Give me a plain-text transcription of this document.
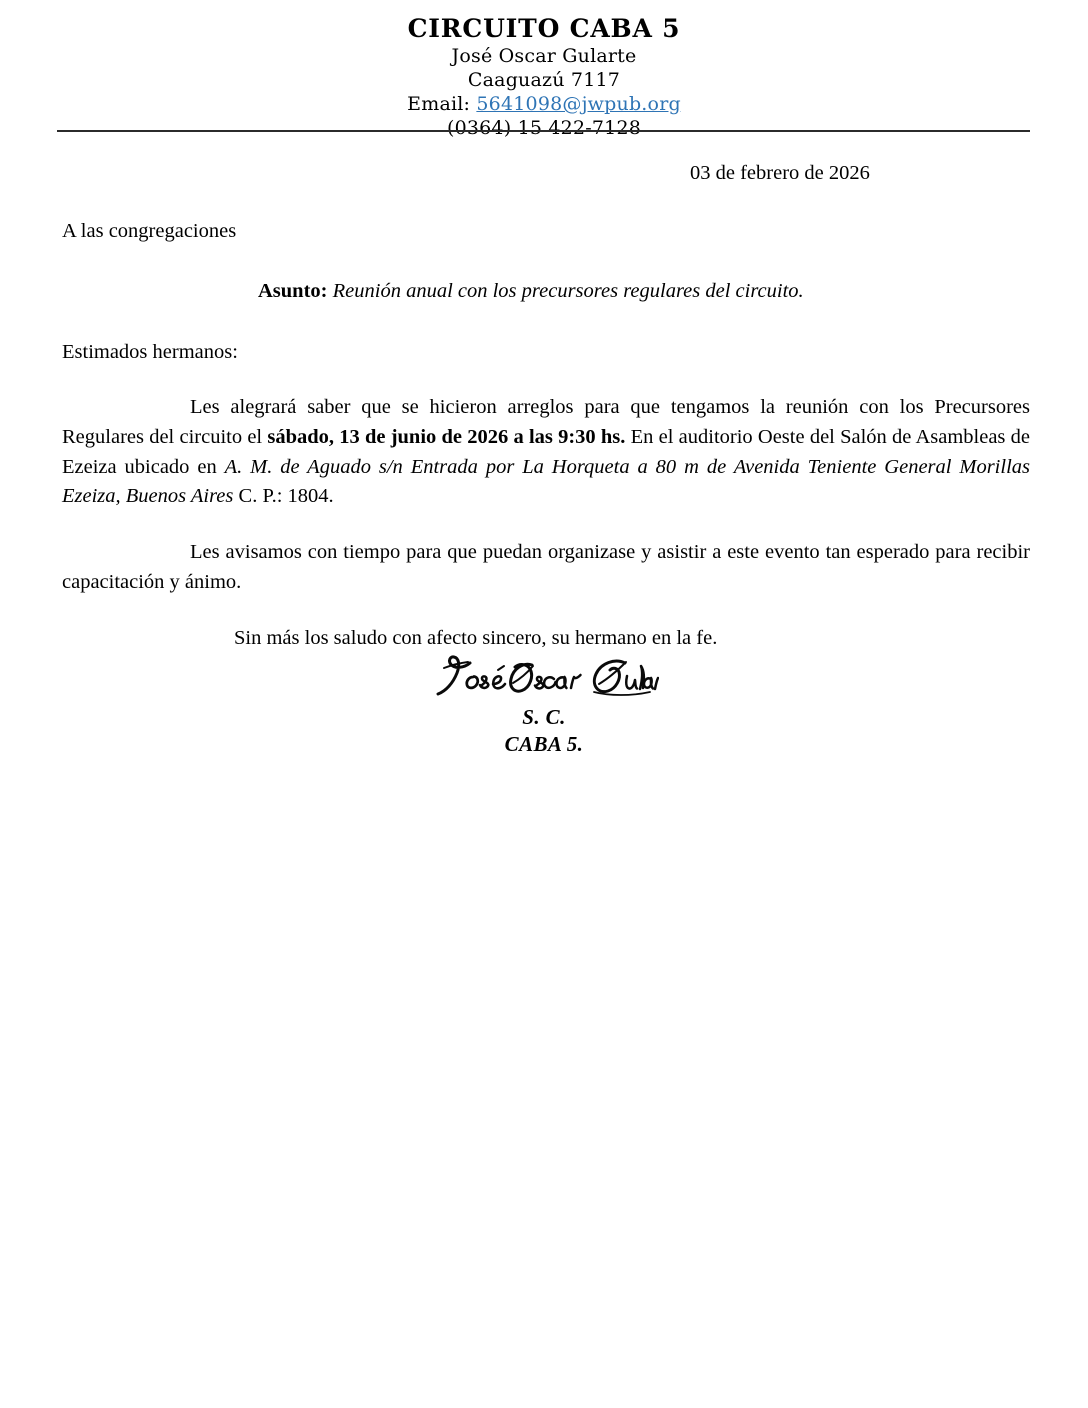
CIRCUITO CABA 5
José Oscar Gularte
Caaguazú 7117
Email: 5641098@jwpub.org
(0364) 15 422-7128
03 de febrero de 2026
A las congregaciones
Asunto: Reunión anual con los precursores regulares del circuito.
Estimados hermanos:

Les alegrará saber que se hicieron arreglos para que tengamos la reunión con los Precursores Regulares del circuito el sábado, 13 de junio de 2026 a las 9:30 hs. En el auditorio Oeste del Salón de Asambleas de Ezeiza ubicado en A. M. de Aguado s/n Entrada por La Horqueta a 80 m de Avenida Teniente General Morillas Ezeiza, Buenos Aires C. P.: 1804.

Les avisamos con tiempo para que puedan organizase y asistir a este evento tan esperado para recibir capacitación y ánimo.

Sin más los saludo con afecto sincero, su hermano en la fe.
S. C.
CABA 5.
